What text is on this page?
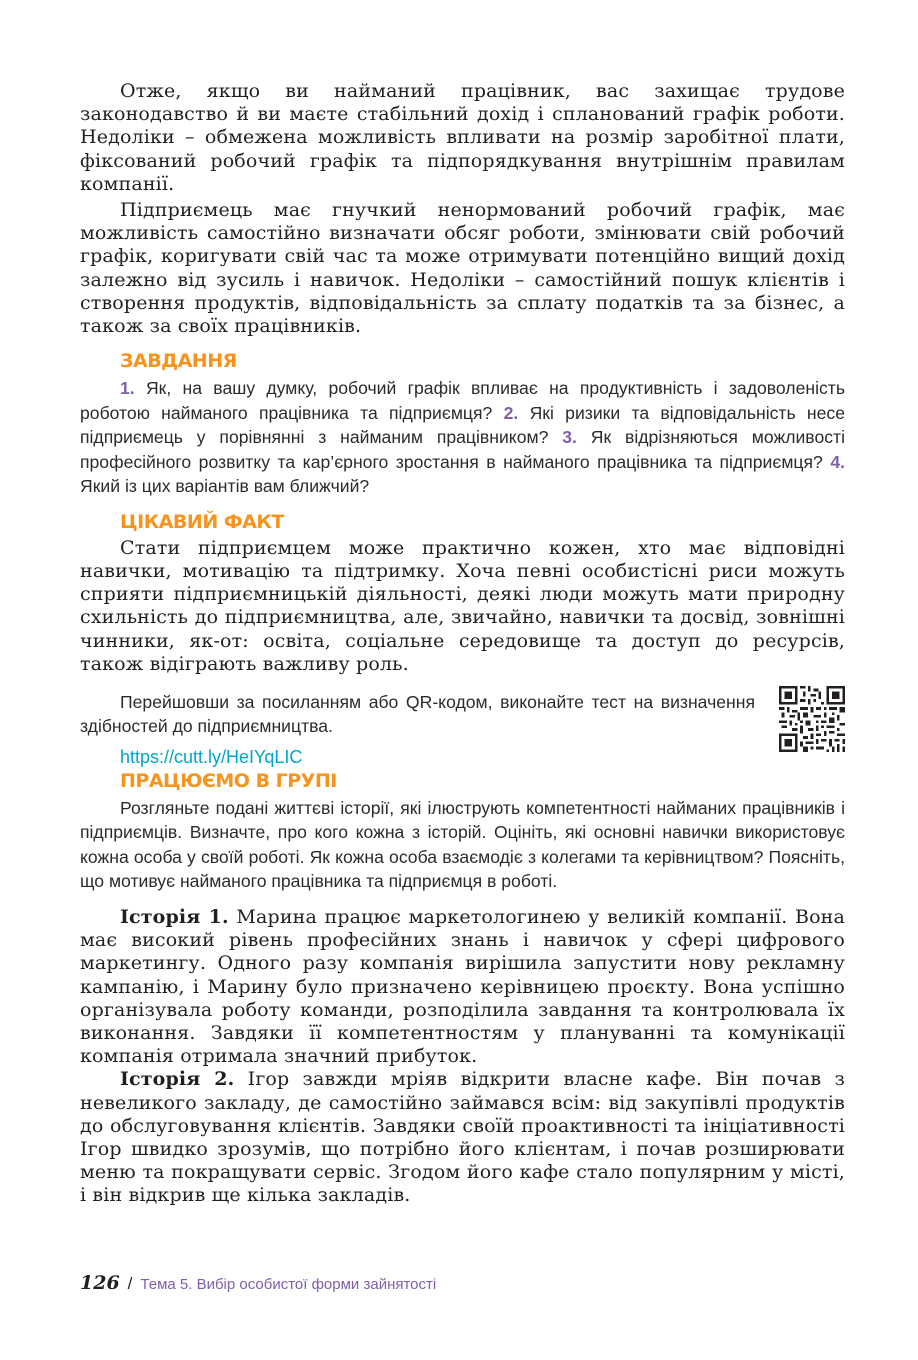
Отже, якщо ви найманий працівник, вас захищає трудове законодавство й ви маєте стабільний дохід і спланований графік роботи. Недоліки – обмежена можливість впливати на розмір заробітної плати, фіксований робочий графік та підпорядкування внутрішнім правилам компанії.

Підприємець має гнучкий ненормований робочий графік, має можливість самостійно визначати обсяг роботи, змінювати свій робочий графік, коригувати свій час та може отримувати потенційно вищий дохід залежно від зусиль і навичок. Недоліки – самостійний пошук клієнтів і створення продуктів, відповідальність за сплату податків та за бізнес, а також за своїх працівників.

ЗАВДАННЯ

1. Як, на вашу думку, робочий графік впливає на продуктивність і задоволеність роботою найманого працівника та підприємця? 2. Які ризики та відповідальність несе підприємець у порівнянні з найманим працівником? 3. Як відрізняються можливості професійного розвитку та кар’єрного зростання в найманого працівника та підприємця? 4. Який із цих варіантів вам ближчий?

ЦІКАВИЙ ФАКТ

Стати підприємцем може практично кожен, хто має відповідні навички, мотивацію та підтримку. Хоча певні особистісні риси можуть сприяти підприємницькій діяльності, деякі люди можуть мати природну схильність до підприємництва, але, звичайно, навички та досвід, зовнішні чинники, як-от: освіта, соціальне середовище та доступ до ресурсів, також відіграють важливу роль.

Перейшовши за посиланням або QR-кодом, виконайте тест на визначення здібностей до підприємництва.

https://cutt.ly/HeIYqLIC
ПРАЦЮЄМО В ГРУПІ

Розгляньте подані життєві історії, які ілюструють компетентності найманих працівників і підприємців. Визначте, про кого кожна з історій. Оцініть, які основні навички використовує кожна особа у своїй роботі. Як кожна особа взаємодіє з колегами та керівництвом? Поясніть, що мотивує найманого працівника та підприємця в роботі.

Історія 1. Марина працює маркетологинею у великій компанії. Вона має високий рівень професійних знань і навичок у сфері цифрового маркетингу. Одного разу компанія вирішила запустити нову рекламну кампанію, і Марину було призначено керівницею проєкту. Вона успішно організувала роботу команди, розподілила завдання та контролювала їх виконання. Завдяки її компетентностям у плануванні та комунікації компанія отримала значний прибуток.

Історія 2. Ігор завжди мріяв відкрити власне кафе. Він почав з невеликого закладу, де самостійно займався всім: від закупівлі продуктів до обслуговування клієнтів. Завдяки своїй проактивності та ініціативності Ігор швидко зрозумів, що потрібно його клієнтам, і почав розширювати меню та покращувати сервіс. Згодом його кафе стало популярним у місті, і він відкрив ще кілька закладів.

126 / Тема 5. Вибір особистої форми зайнятості
